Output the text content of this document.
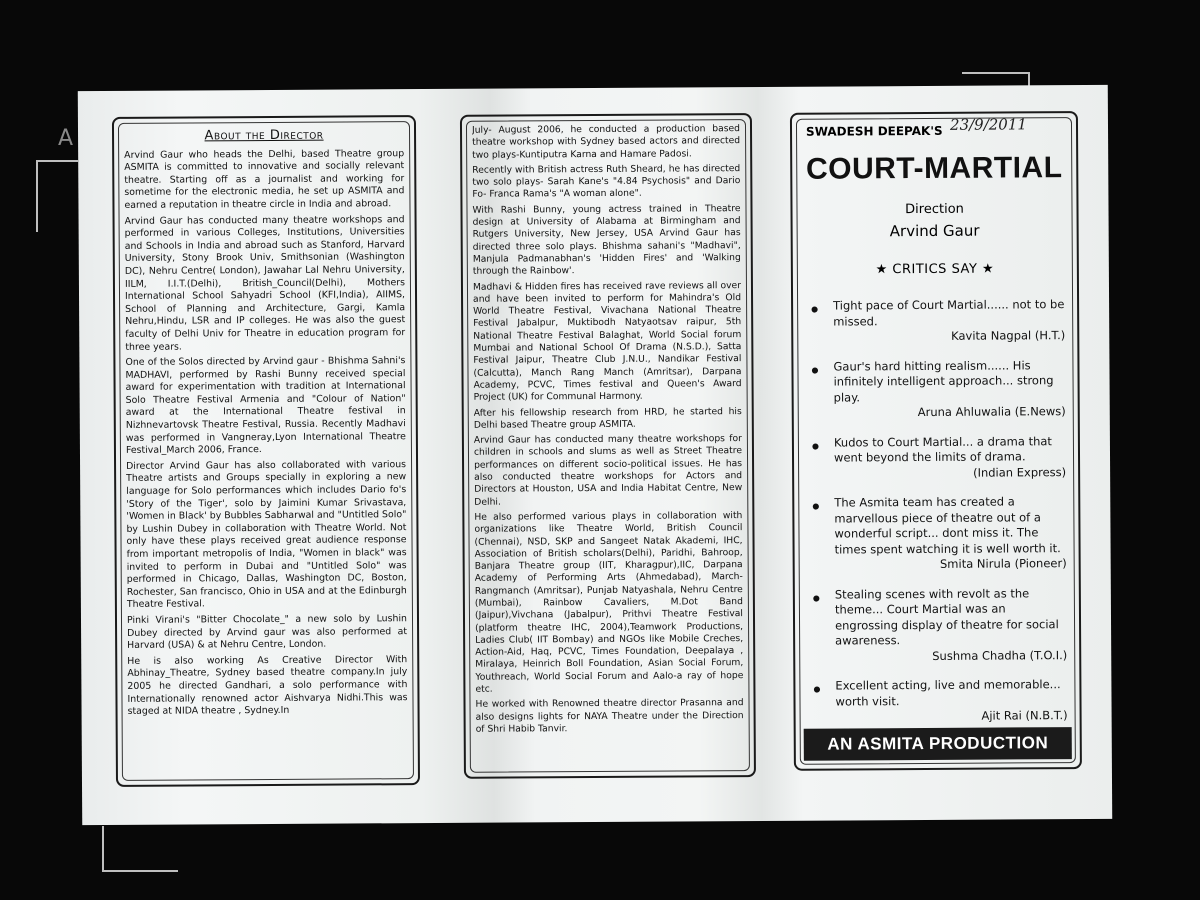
A	About the Director

Arvind Gaur who heads the Delhi, based Theatre group ASMITA is committed to innovative and socially relevant theatre. Starting off as a journalist and working for sometime for the electronic media, he set up ASMITA and earned a reputation in theatre circle in India and abroad.

Arvind Gaur has conducted many theatre workshops and performed in various Colleges, Institutions, Universities and Schools in India and abroad such as Stanford, Harvard University, Stony Brook Univ, Smithsonian (Washington DC), Nehru Centre( London), Jawahar Lal Nehru University, IILM, I.I.T.(Delhi), British_Council(Delhi), Mothers International School Sahyadri School (KFI,India), AIIMS, School of Planning and Architecture, Gargi, Kamla Nehru,Hindu, LSR and IP colleges. He was also the guest faculty of Delhi Univ for Theatre in education program for three years.

One of the Solos directed by Arvind gaur - Bhishma Sahni's MADHAVI, performed by Rashi Bunny received special award for experimentation with tradition at International Solo Theatre Festival Armenia and "Colour of Nation" award at the International Theatre festival in Nizhnevartovsk Theatre Festival, Russia. Recently Madhavi was performed in Vangneray,Lyon International Theatre Festival_March 2006, France.

Director Arvind Gaur has also collaborated with various Theatre artists and Groups specially in exploring a new language for Solo performances which includes Dario fo's 'Story of the Tiger', solo by Jaimini Kumar Srivastava, 'Women in Black' by Bubbles Sabharwal and "Untitled Solo" by Lushin Dubey in collaboration with Theatre World. Not only have these plays received great audience response from important metropolis of India, "Women in black" was invited to perform in Dubai and "Untitled Solo" was performed in Chicago, Dallas, Washington DC, Boston, Rochester, San francisco, Ohio in USA and at the Edinburgh Theatre Festival.

Pinki Virani's "Bitter Chocolate_" a new solo by Lushin Dubey directed by Arvind gaur was also performed at Harvard (USA) & at Nehru Centre, London.

He is also working As Creative Director With Abhinay_Theatre, Sydney based theatre company.In july 2005 he directed Gandhari, a solo performance with Internationally renowned actor Aishvarya Nidhi.This was staged at NIDA theatre , Sydney.In

July- August 2006, he conducted a production based theatre workshop with Sydney based actors and directed two plays-Kuntiputra Karna and Hamare Padosi.

Recently with British actress Ruth Sheard, he has directed two solo plays- Sarah Kane's "4.84 Psychosis" and Dario Fo- Franca Rama's "A woman alone".

With Rashi Bunny, young actress trained in Theatre design at University of Alabama at Birmingham and Rutgers University, New Jersey, USA Arvind Gaur has directed three solo plays. Bhishma sahani's "Madhavi", Manjula Padmanabhan's 'Hidden Fires' and 'Walking through the Rainbow'.

Madhavi & Hidden fires has received rave reviews all over and have been invited to perform for Mahindra's Old World Theatre Festival, Vivachana National Theatre Festival Jabalpur, Muktibodh Natyaotsav raipur, 5th National Theatre Festival Balaghat, World Social forum Mumbai and National School Of Drama (N.S.D.), Satta Festival Jaipur, Theatre Club J.N.U., Nandikar Festival (Calcutta), Manch Rang Manch (Amritsar), Darpana Academy, PCVC, Times festival and Queen's Award Project (UK) for Communal Harmony.

After his fellowship research from HRD, he started his Delhi based Theatre group ASMITA.

Arvind Gaur has conducted many theatre workshops for children in schools and slums as well as Street Theatre performances on different socio-political issues. He has also conducted theatre workshops for Actors and Directors at Houston, USA and India Habitat Centre, New Delhi.

He also performed various plays in collaboration with organizations like Theatre World, British Council (Chennai), NSD, SKP and Sangeet Natak Akademi, IHC, Association of British scholars(Delhi), Paridhi, Bahroop, Banjara Theatre group (IIT, Kharagpur),IIC, Darpana Academy of Performing Arts (Ahmedabad), March-Rangmanch (Amritsar), Punjab Natyashala, Nehru Centre (Mumbai), Rainbow Cavaliers, M.Dot Band (Jaipur),Vivchana (Jabalpur), Prithvi Theatre Festival (platform theatre IHC, 2004),Teamwork Productions, Ladies Club( IIT Bombay) and NGOs like Mobile Creches, Action-Aid, Haq, PCVC, Times Foundation, Deepalaya , Miralaya, Heinrich Boll Foundation, Asian Social Forum, Youthreach, World Social Forum and Aalo-a ray of hope etc.

He worked with Renowned theatre director Prasanna and also designs lights for NAYA Theatre under the Direction of Shri Habib Tanvir.

SWADESH DEEPAK'S 23/9/2011
COURT-MARTIAL
Direction
Arvind Gaur
★ CRITICS SAY ★
● Tight pace of Court Martial...... not to be missed.
Kavita Nagpal (H.T.)
● Gaur's hard hitting realism...... His infinitely intelligent approach... strong play.
Aruna Ahluwalia (E.News)
● Kudos to Court Martial... a drama that went beyond the limits of drama.
(Indian Express)
● The Asmita team has created a marvellous piece of theatre out of a wonderful script... dont miss it. The times spent watching it is well worth it.
Smita Nirula (Pioneer)
● Stealing scenes with revolt as the theme... Court Martial was an engrossing display of theatre for social awareness.
Sushma Chadha (T.O.I.)
● Excellent acting, live and memorable... worth visit.
Ajit Rai (N.B.T.)
AN ASMITA PRODUCTION
